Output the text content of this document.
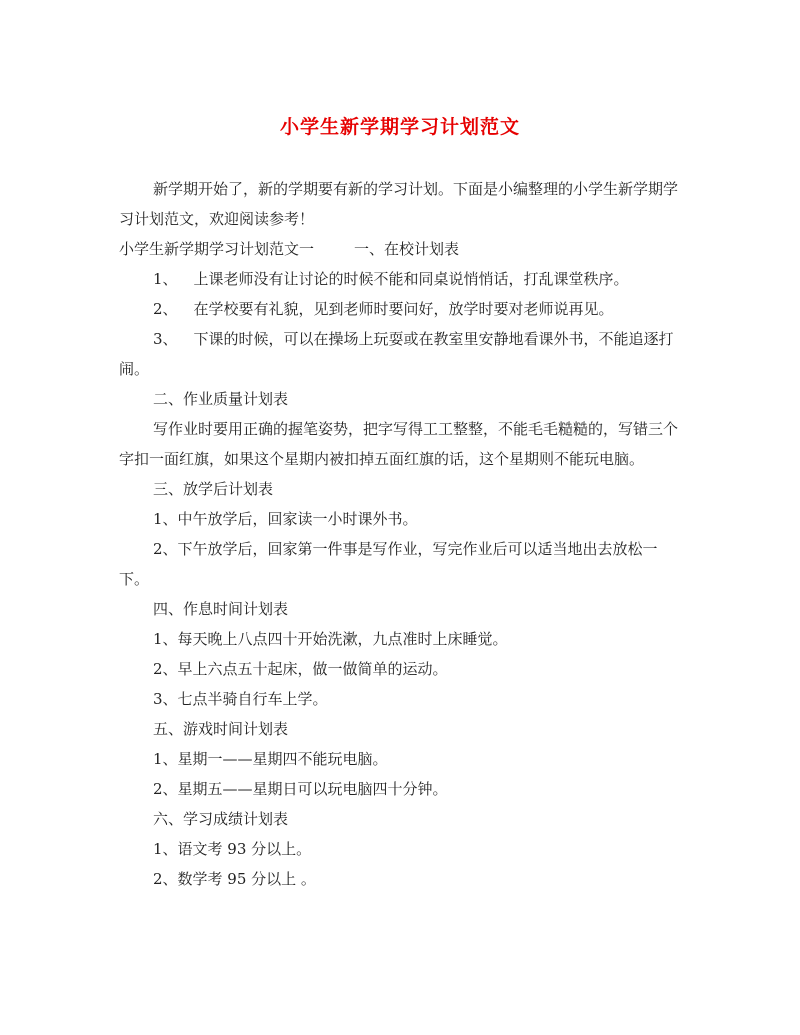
小学生新学期学习计划范文

新学期开始了，新的学期要有新的学习计划。下面是小编整理的小学生新学期学习计划范文，欢迎阅读参考！

小学生新学期学习计划范文一	一、在校计划表

1、 上课老师没有让讨论的时候不能和同桌说悄悄话，打乱课堂秩序。

2、 在学校要有礼貌，见到老师时要问好，放学时要对老师说再见。

3、 下课的时候，可以在操场上玩耍或在教室里安静地看课外书，不能追逐打闹。

二、作业质量计划表

写作业时要用正确的握笔姿势，把字写得工工整整，不能毛毛糙糙的，写错三个字扣一面红旗，如果这个星期内被扣掉五面红旗的话，这个星期则不能玩电脑。

三、放学后计划表

1、中午放学后，回家读一小时课外书。

2、下午放学后，回家第一件事是写作业，写完作业后可以适当地出去放松一下。

四、作息时间计划表

1、每天晚上八点四十开始洗漱，九点准时上床睡觉。

2、早上六点五十起床，做一做简单的运动。

3、七点半骑自行车上学。

五、游戏时间计划表

1、星期一——星期四不能玩电脑。

2、星期五——星期日可以玩电脑四十分钟。

六、学习成绩计划表

1、语文考 93 分以上。

2、数学考 95 分以上 。
